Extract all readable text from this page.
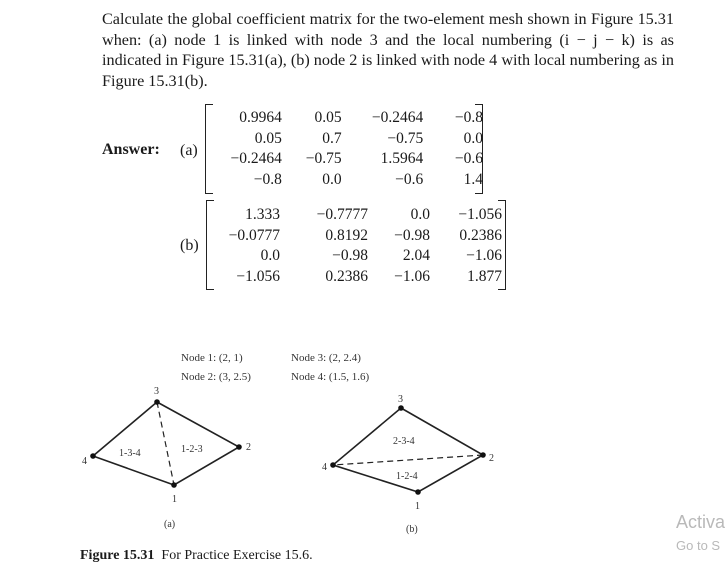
Calculate the global coefficient matrix for the two-element mesh shown in Figure 15.31 when: (a) node 1 is linked with node 3 and the local numbering (i − j − k) is as indicated in Figure 15.31(a), (b) node 2 is linked with node 4 with local numbering as in Figure 15.31(b).
Answer: (a)
(b)
0.9964	0.05	−0.2464	−0.8
0.05	0.7	−0.75	0.0
−0.2464	−0.75	1.5964	−0.6
−0.8	0.0	−0.6	1.4
1.333	−0.7777	0.0	−1.056
−0.0777	0.8192	−0.98	0.2386
0.0	−0.98	2.04	−1.06
−1.056	0.2386	−1.06	1.877
Node 1: (2, 1)
Node 2: (3, 2.5)
Node 3: (2, 2.4)
Node 4: (1.5, 1.6)
1
2
3
4
1-3-4	1-2-3
(a)
1
2
3
4
2-3-4
1-2-4
(b)
Figure 15.31 For Practice Exercise 15.6.
Activa
Go to S
